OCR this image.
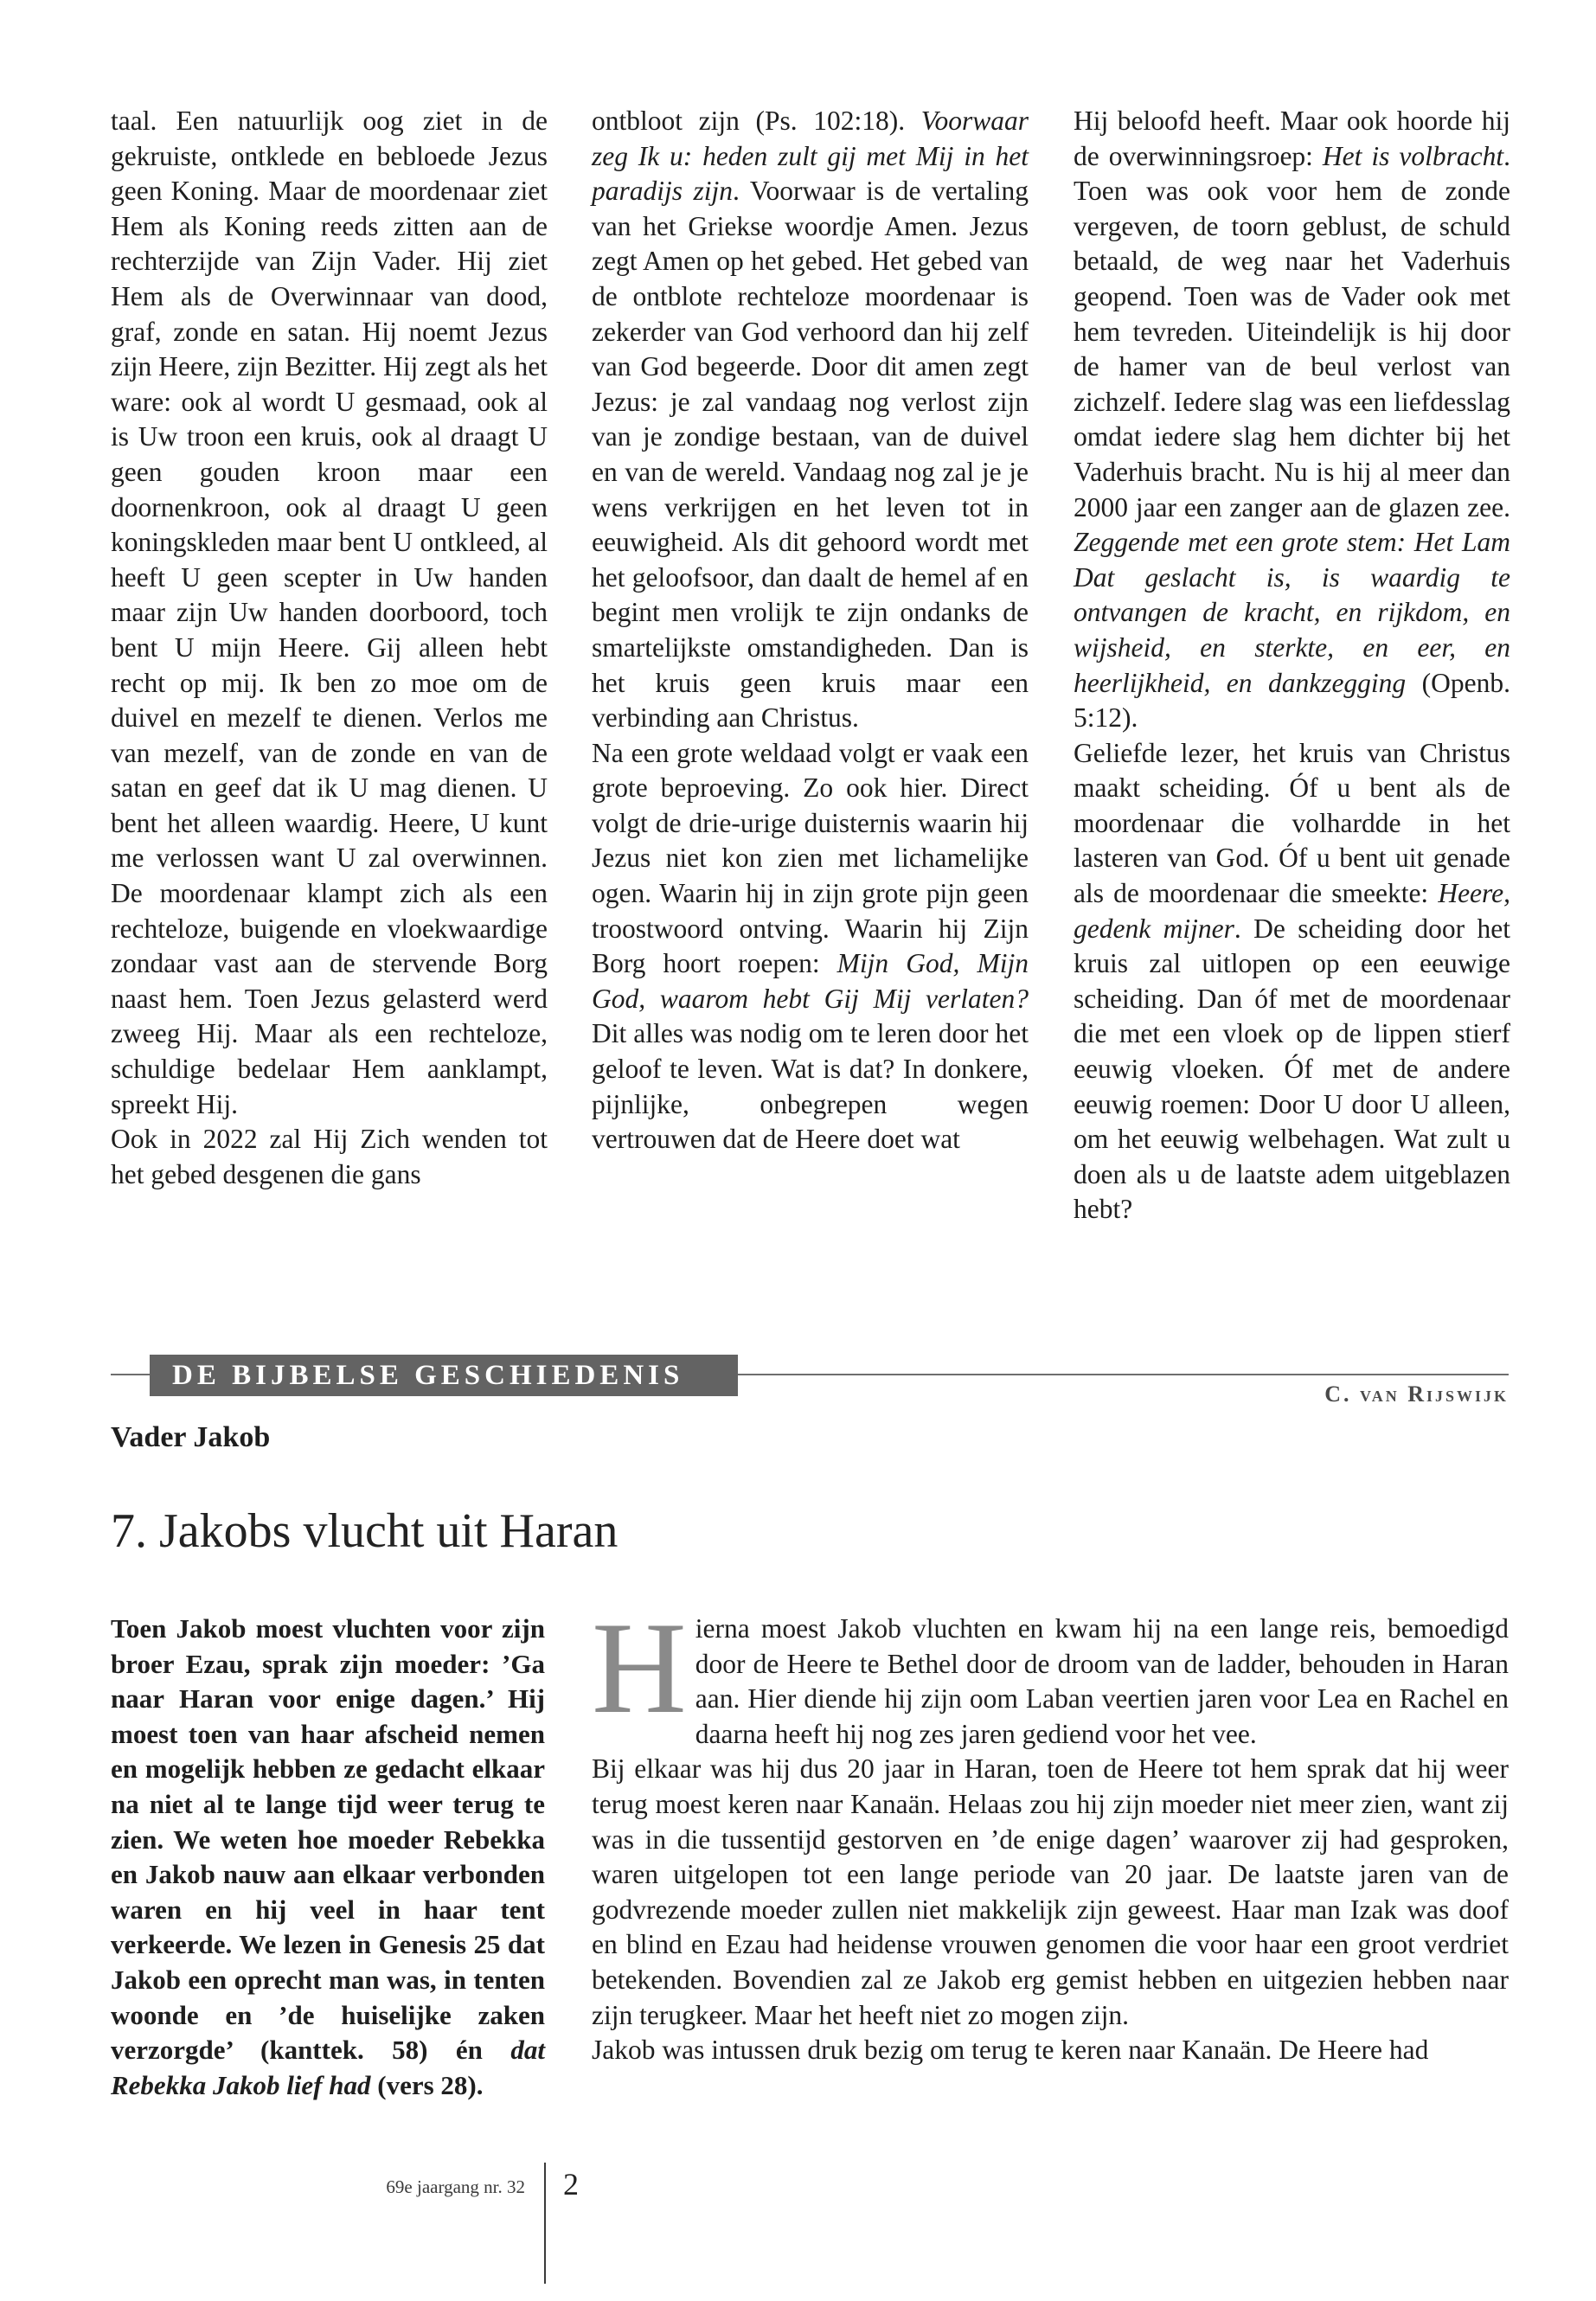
taal. Een natuurlijk oog ziet in de gekruiste, ontklede en bebloede Jezus geen Koning. Maar de moordenaar ziet Hem als Koning reeds zitten aan de rechterzijde van Zijn Vader. Hij ziet Hem als de Overwinnaar van dood, graf, zonde en satan. Hij noemt Jezus zijn Heere, zijn Bezitter. Hij zegt als het ware: ook al wordt U gesmaad, ook al is Uw troon een kruis, ook al draagt U geen gouden kroon maar een doornenkroon, ook al draagt U geen koningskleden maar bent U ontkleed, al heeft U geen scepter in Uw handen maar zijn Uw handen doorboord, toch bent U mijn Heere. Gij alleen hebt recht op mij. Ik ben zo moe om de duivel en mezelf te dienen. Verlos me van mezelf, van de zonde en van de satan en geef dat ik U mag dienen. U bent het alleen waardig. Heere, U kunt me verlossen want U zal overwinnen. De moordenaar klampt zich als een rechteloze, buigende en vloekwaardige zondaar vast aan de stervende Borg naast hem. Toen Jezus gelasterd werd zweeg Hij. Maar als een rechteloze, schuldige bedelaar Hem aanklampt, spreekt Hij.

Ook in 2022 zal Hij Zich wenden tot het gebed desgenen die gans

ontbloot zijn (Ps. 102:18). Voorwaar zeg Ik u: heden zult gij met Mij in het paradijs zijn. Voorwaar is de vertaling van het Griekse woordje Amen. Jezus zegt Amen op het gebed. Het gebed van de ontblote rechteloze moordenaar is zekerder van God verhoord dan hij zelf van God begeerde. Door dit amen zegt Jezus: je zal vandaag nog verlost zijn van je zondige bestaan, van de duivel en van de wereld. Vandaag nog zal je je wens verkrijgen en het leven tot in eeuwigheid. Als dit gehoord wordt met het geloofsoor, dan daalt de hemel af en begint men vrolijk te zijn ondanks de smartelijkste omstandigheden. Dan is het kruis geen kruis maar een verbinding aan Christus.

Na een grote weldaad volgt er vaak een grote beproeving. Zo ook hier. Direct volgt de drie-urige duisternis waarin hij Jezus niet kon zien met lichamelijke ogen. Waarin hij in zijn grote pijn geen troostwoord ontving. Waarin hij Zijn Borg hoort roepen: Mijn God, Mijn God, waarom hebt Gij Mij verlaten? Dit alles was nodig om te leren door het geloof te leven. Wat is dat? In donkere, pijnlijke, onbegrepen wegen vertrouwen dat de Heere doet wat

Hij beloofd heeft. Maar ook hoorde hij de overwinningsroep: Het is volbracht. Toen was ook voor hem de zonde vergeven, de toorn geblust, de schuld betaald, de weg naar het Vaderhuis geopend. Toen was de Vader ook met hem tevreden. Uiteindelijk is hij door de hamer van de beul verlost van zichzelf. Iedere slag was een liefdesslag omdat iedere slag hem dichter bij het Vaderhuis bracht. Nu is hij al meer dan 2000 jaar een zanger aan de glazen zee. Zeggende met een grote stem: Het Lam Dat geslacht is, is waardig te ontvangen de kracht, en rijkdom, en wijsheid, en sterkte, en eer, en heerlijkheid, en dankzegging (Openb. 5:12).

Geliefde lezer, het kruis van Christus maakt scheiding. Óf u bent als de moordenaar die volhardde in het lasteren van God. Óf u bent uit genade als de moordenaar die smeekte: Heere, gedenk mijner. De scheiding door het kruis zal uitlopen op een eeuwige scheiding. Dan óf met de moordenaar die met een vloek op de lippen stierf eeuwig vloeken. Óf met de andere eeuwig roemen: Door U door U alleen, om het eeuwig welbehagen. Wat zult u doen als u de laatste adem uitgeblazen hebt?

DE BIJBELSE GESCHIEDENIS
C. van Rijswijk
Vader Jakob
7. Jakobs vlucht uit Haran

Toen Jakob moest vluchten voor zijn broer Ezau, sprak zijn moeder: ’Ga naar Haran voor enige dagen.’ Hij moest toen van haar afscheid nemen en mogelijk hebben ze gedacht elkaar na niet al te lange tijd weer terug te zien. We weten hoe moeder Rebekka en Jakob nauw aan elkaar verbonden waren en hij veel in haar tent verkeerde. We lezen in Genesis 25 dat Jakob een oprecht man was, in tenten woonde en ’de huiselijke zaken verzorgde’ (kanttek. 58) én dat Rebekka Jakob lief had (vers 28).

Hierna moest Jakob vluchten en kwam hij na een lange reis, bemoedigd door de Heere te Bethel door de droom van de ladder, behouden in Haran aan. Hier diende hij zijn oom Laban veertien jaren voor Lea en Rachel en daarna heeft hij nog zes jaren gediend voor het vee.

Bij elkaar was hij dus 20 jaar in Haran, toen de Heere tot hem sprak dat hij weer terug moest keren naar Kanaän. Helaas zou hij zijn moeder niet meer zien, want zij was in die tussentijd gestorven en ’de enige dagen’ waarover zij had gesproken, waren uitgelopen tot een lange periode van 20 jaar. De laatste jaren van de godvrezende moeder zullen niet makkelijk zijn geweest. Haar man Izak was doof en blind en Ezau had heidense vrouwen genomen die voor haar een groot verdriet betekenden. Bovendien zal ze Jakob erg gemist hebben en uitgezien hebben naar zijn terugkeer. Maar het heeft niet zo mogen zijn.

Jakob was intussen druk bezig om terug te keren naar Kanaän. De Heere had

69e jaargang nr. 32 2
